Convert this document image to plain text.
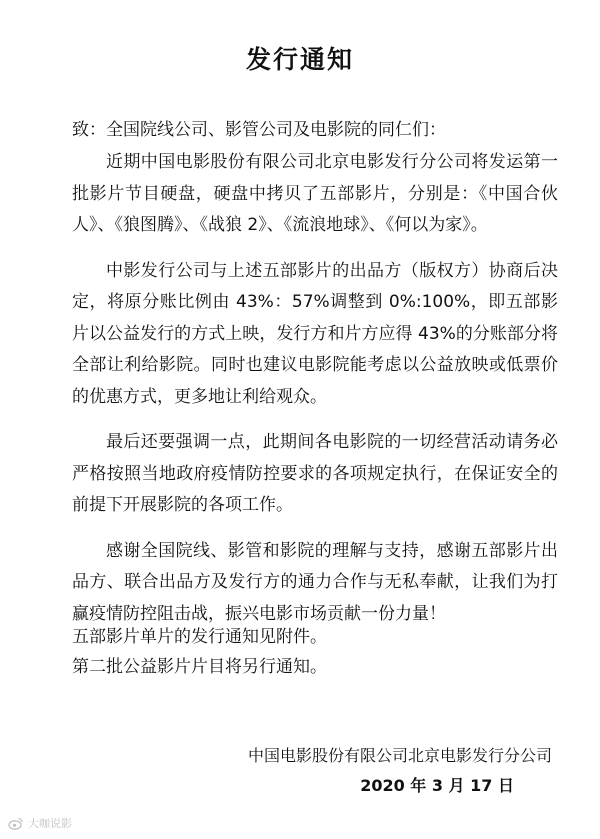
发行通知

致：全国院线公司、影管公司及电影院的同仁们：

近期中国电影股份有限公司北京电影发行分公司将发运第一批影片节目硬盘，硬盘中拷贝了五部影片，分别是：《中国合伙人》、《狼图腾》、《战狼 2》、《流浪地球》、《何以为家》。

中影发行公司与上述五部影片的出品方（版权方）协商后决定，将原分账比例由 43%：57%调整到 0%:100%，即五部影片以公益发行的方式上映，发行方和片方应得 43%的分账部分将全部让利给影院。同时也建议电影院能考虑以公益放映或低票价的优惠方式，更多地让利给观众。

最后还要强调一点，此期间各电影院的一切经营活动请务必严格按照当地政府疫情防控要求的各项规定执行，在保证安全的前提下开展影院的各项工作。

感谢全国院线、影管和影院的理解与支持，感谢五部影片出品方、联合出品方及发行方的通力合作与无私奉献，让我们为打赢疫情防控阻击战，振兴电影市场贡献一份力量！

五部影片单片的发行通知见附件。

第二批公益影片片目将另行通知。

中国电影股份有限公司北京电影发行分公司

2020 年 3 月 17 日

大咖说影
